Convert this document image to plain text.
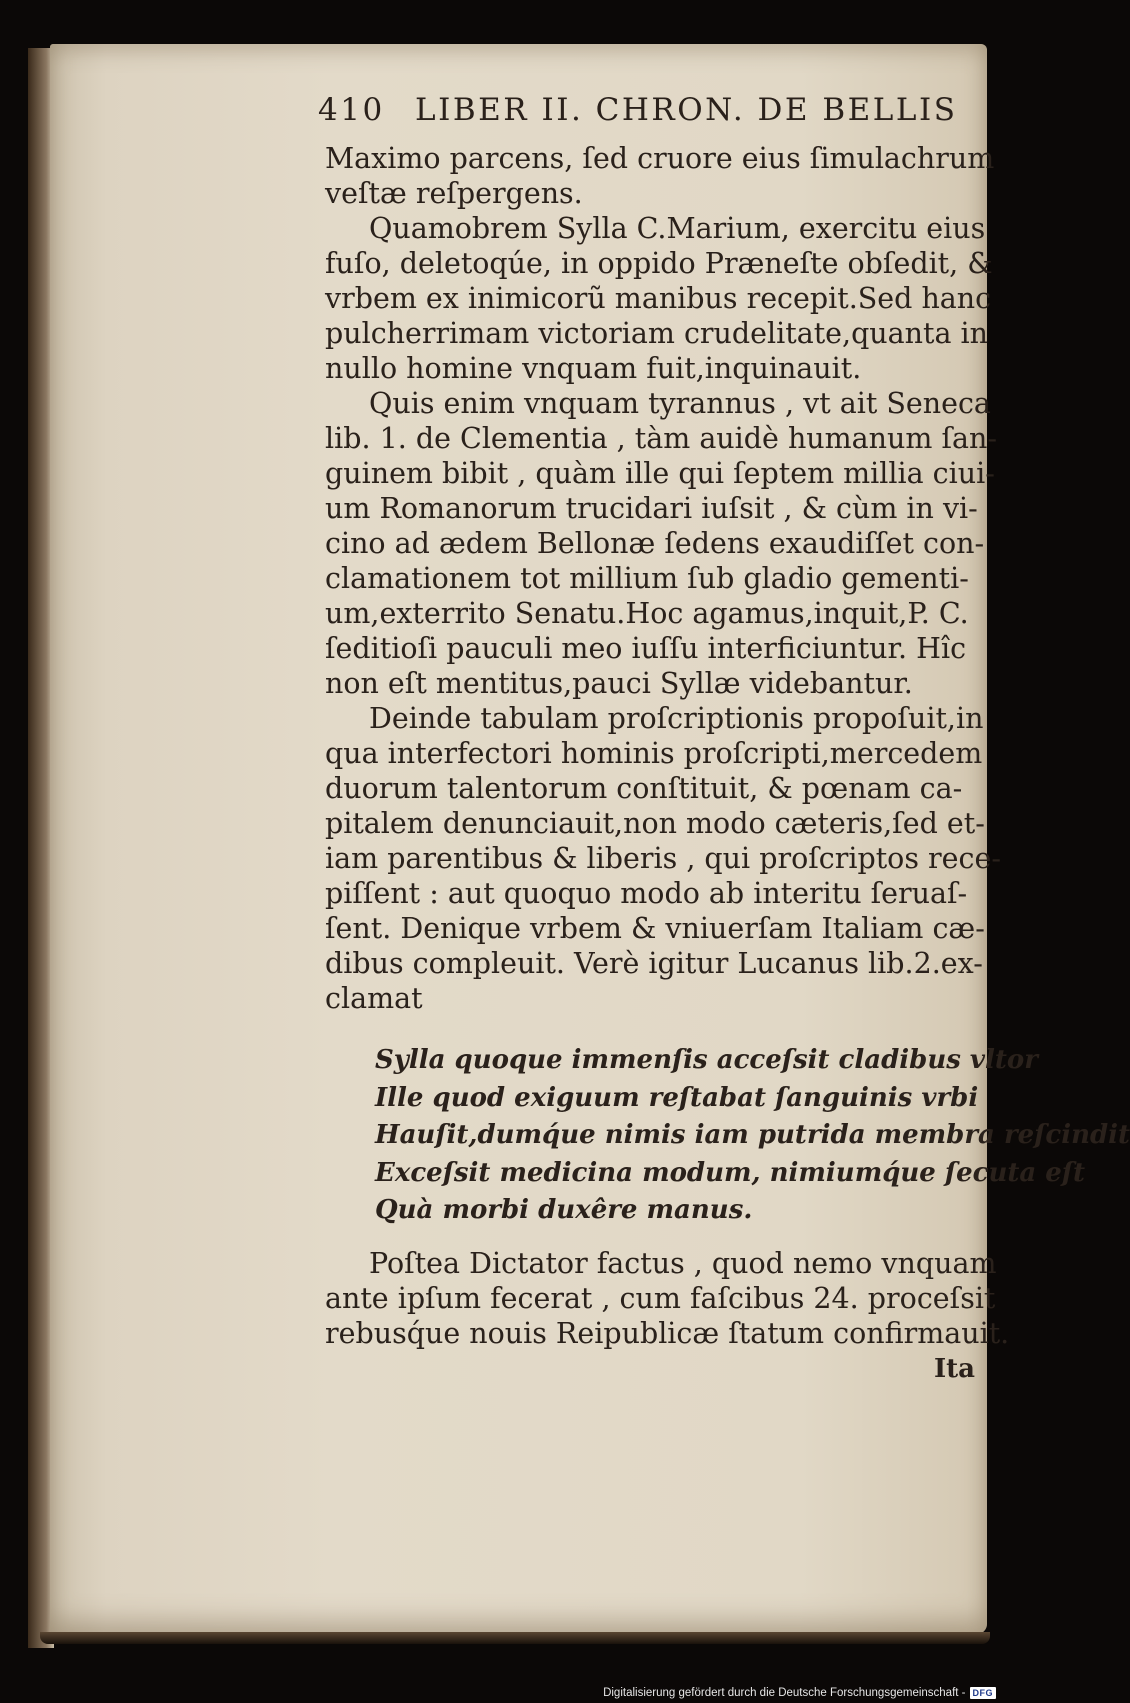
410 LIBER II. CHRON. DE BELLIS
Maximo parcens, ſed cruore eius ſimulachrum
veſtæ reſpergens.
Quamobrem Sylla C.Marium, exercitu eius
fuſo, deletoqúe, in oppido Præneſte obſedit, &
vrbem ex inimicorũ manibus recepit.Sed hanc
pulcherrimam victoriam crudelitate,quanta in
nullo homine vnquam fuit,inquinauit.
Quis enim vnquam tyrannus , vt ait Seneca
lib. 1. de Clementia , tàm auidè humanum ſan-
guinem bibit , quàm ille qui ſeptem millia ciui-
um Romanorum trucidari iuſsit , & cùm in vi-
cino ad ædem Bellonæ ſedens exaudiſſet con-
clamationem tot millium ſub gladio gementi-
um,exterrito Senatu.Hoc agamus,inquit,P. C.
ſeditioſi pauculi meo iuſſu interficiuntur. Hîc
non eſt mentitus,pauci Syllæ videbantur.
Deinde tabulam proſcriptionis propoſuit,in
qua interfectori hominis proſcripti,mercedem
duorum talentorum conſtituit, & pœnam ca-
pitalem denunciauit,non modo cæteris,ſed et-
iam parentibus & liberis , qui proſcriptos rece-
piſſent : aut quoquo modo ab interitu ſeruaſ-
ſent. Denique vrbem & vniuerſam Italiam cæ-
dibus compleuit. Verè igitur Lucanus lib.2.ex-
clamat
Sylla quoque immenſis acceſsit cladibus vltor
Ille quod exiguum reſtabat ſanguinis vrbi
Hauſit,dumq́ue nimis iam putrida membra reſcindit
Exceſsit medicina modum, nimiumq́ue ſecuta eſt
Quà morbi duxêre manus.
Poſtea Dictator factus , quod nemo vnquam
ante ipſum fecerat , cum faſcibus 24. proceſsit
rebusq́ue nouis Reipublicæ ſtatum confirmauit.
Ita
Digitalisierung gefördert durch die Deutsche Forschungsgemeinschaft - DFG
